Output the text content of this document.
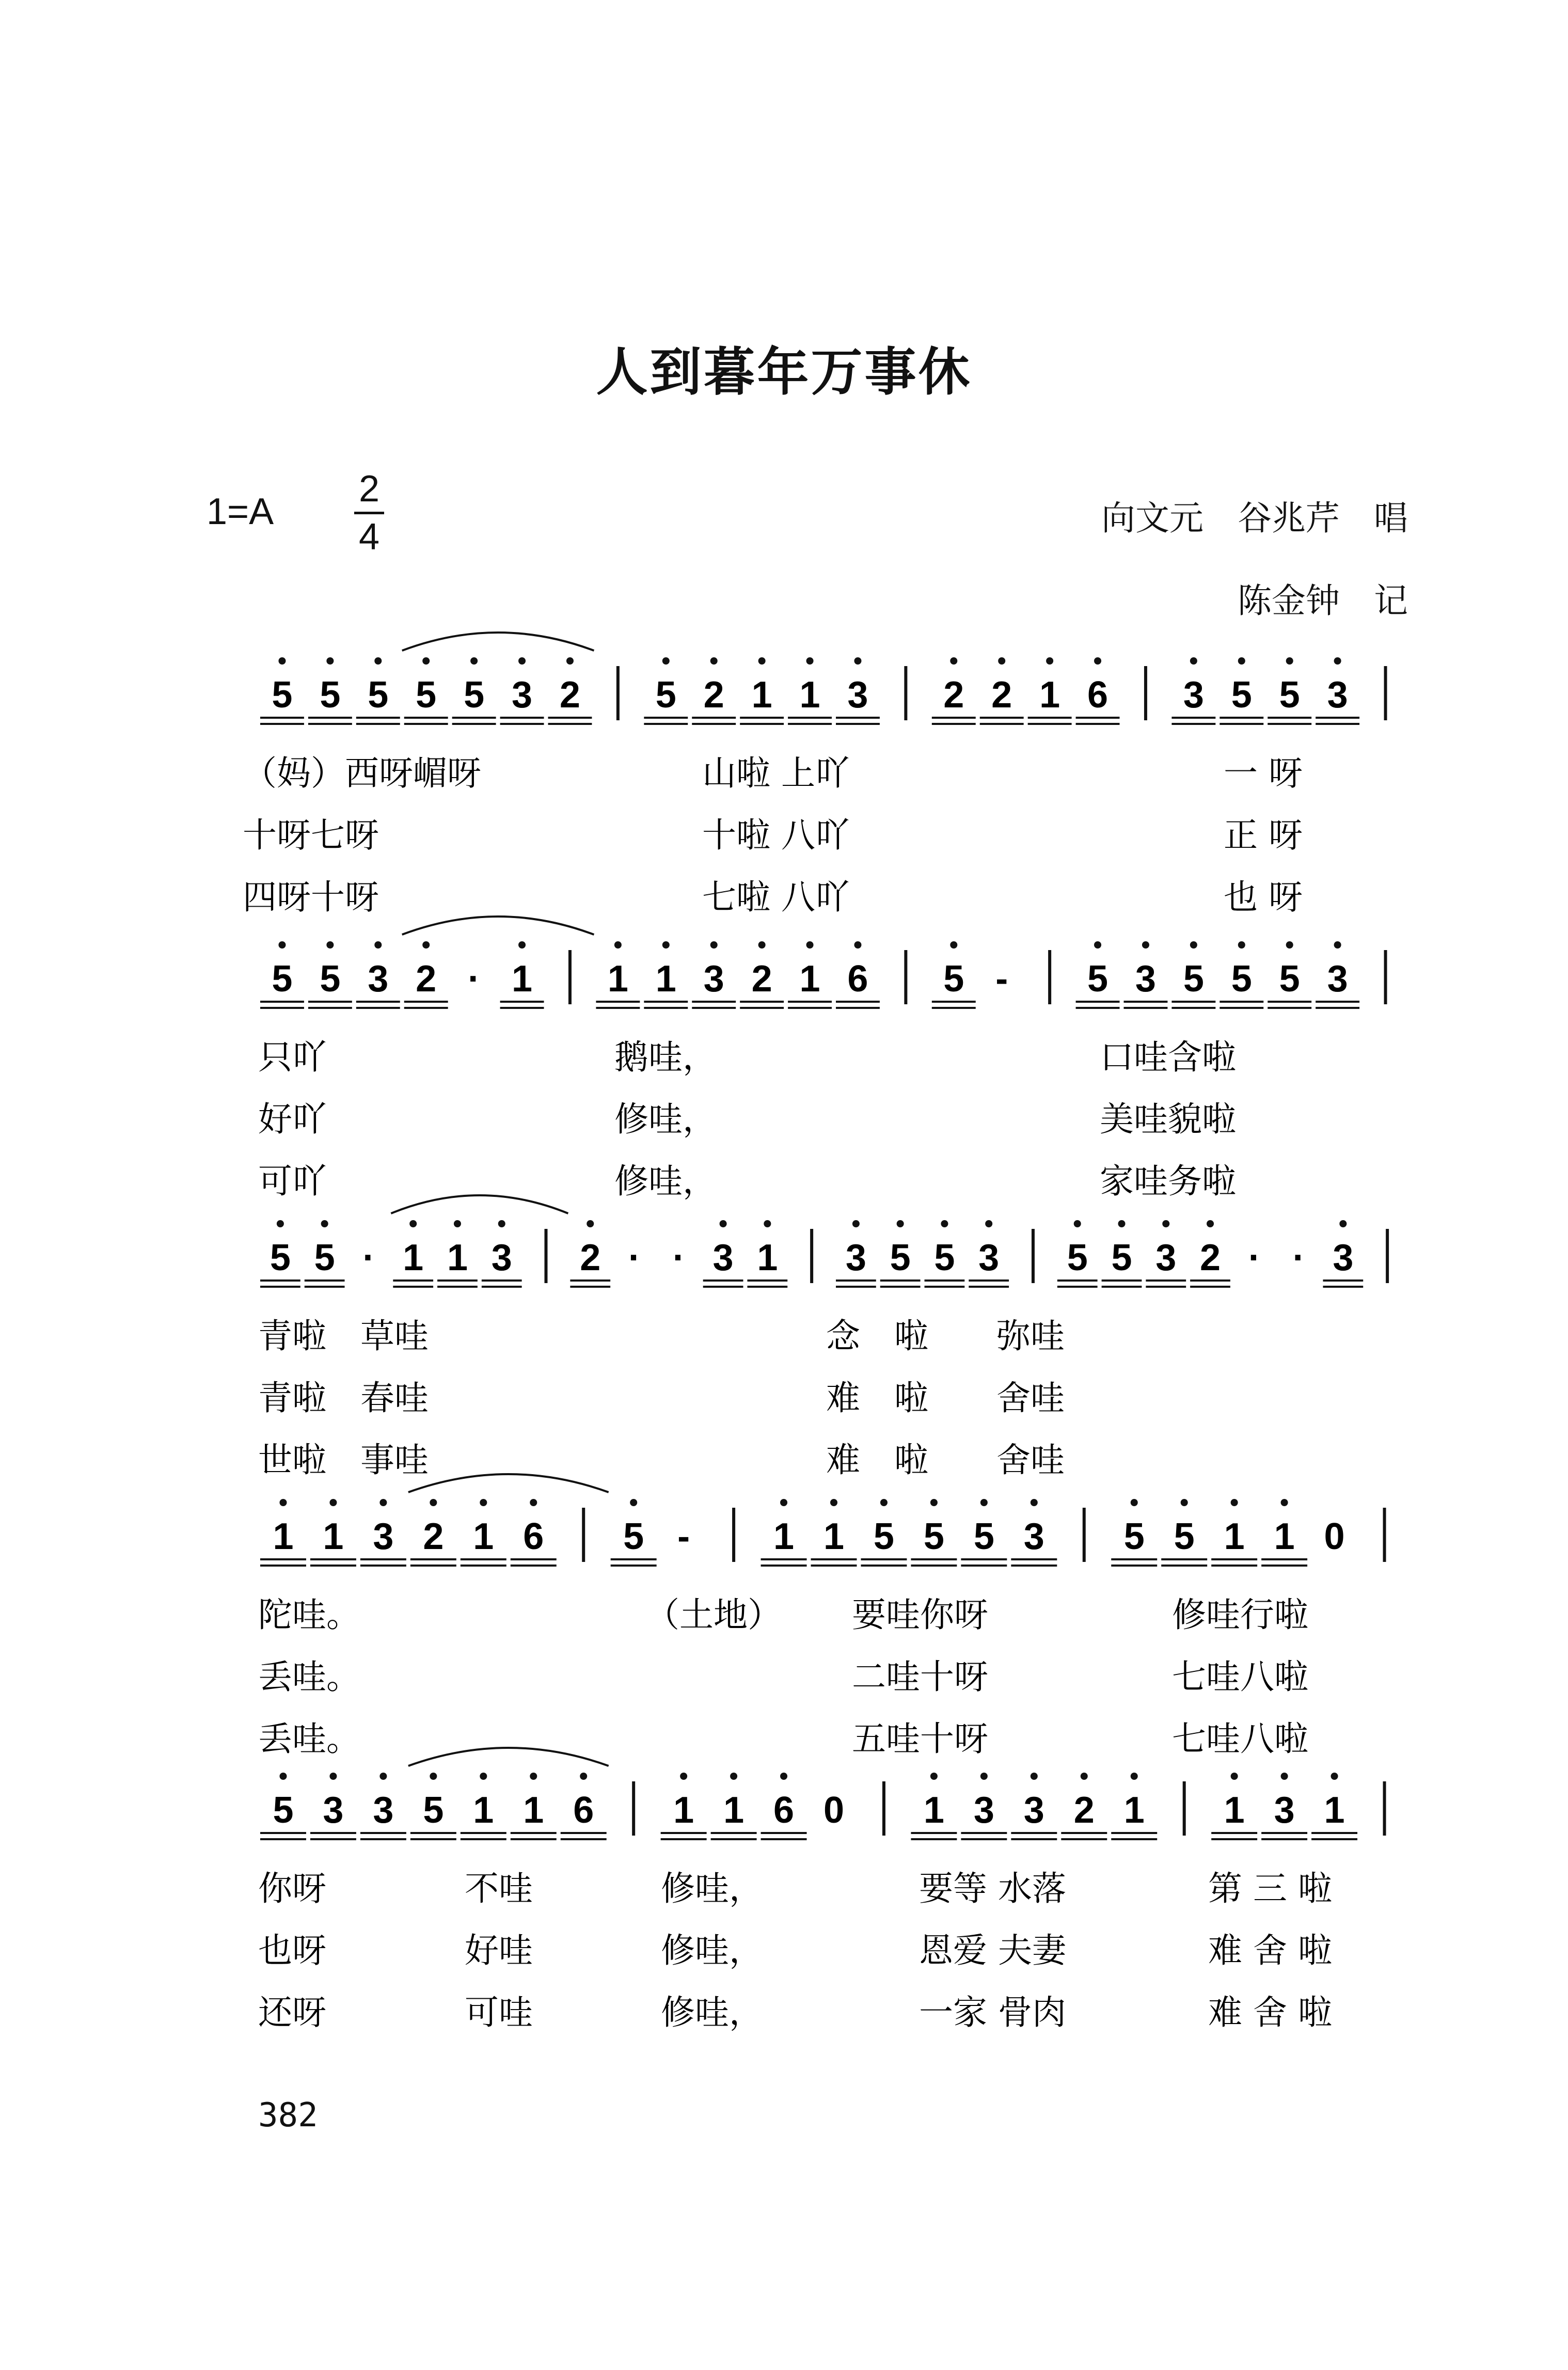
人到暮年万事休
1=A
2
4	向文元　谷兆芹　唱
陈金钟　记
5 5 5 5 5 3 2 5 2 1 1 3 2 2 1 6 3 5 5 3
（妈）西呀嵋呀	山啦 上吖	一 呀
十呀七呀	十啦 八吖	正 呀
四呀十呀	七啦 八吖	也 呀
5 5 3 2 · 1 1 1 3 2 1 6 5 - 5 3 5 5 5 3
只吖	鹅哇，	口哇含啦
好吖	修哇，	美哇貌啦
可吖	修哇，	家哇务啦
5 5 · 1 1 3 2 · · 3 1 3 5 5 3 5 5 3 2 · · 3
青啦　草哇	念　啦　　弥哇
青啦　春哇	难　啦　　舍哇
世啦　事哇	难　啦　　舍哇
1 1 3 2 1 6 5 - 1 1 5 5 5 3 5 5 1 1 0
陀哇。	（土地） 要哇你呀	修哇行啦
丢哇。	二哇十呀	七哇八啦
丢哇。	五哇十呀	七哇八啦
5 3 3 5 1 1 6 1 1 6 0 1 3 3 2 1 1 3 1
你呀	不哇	修哇，	要等 水落	第 三 啦
也呀	好哇	修哇，	恩爱 夫妻	难 舍 啦
还呀	可哇	修哇，	一家 骨肉	难 舍 啦
382
